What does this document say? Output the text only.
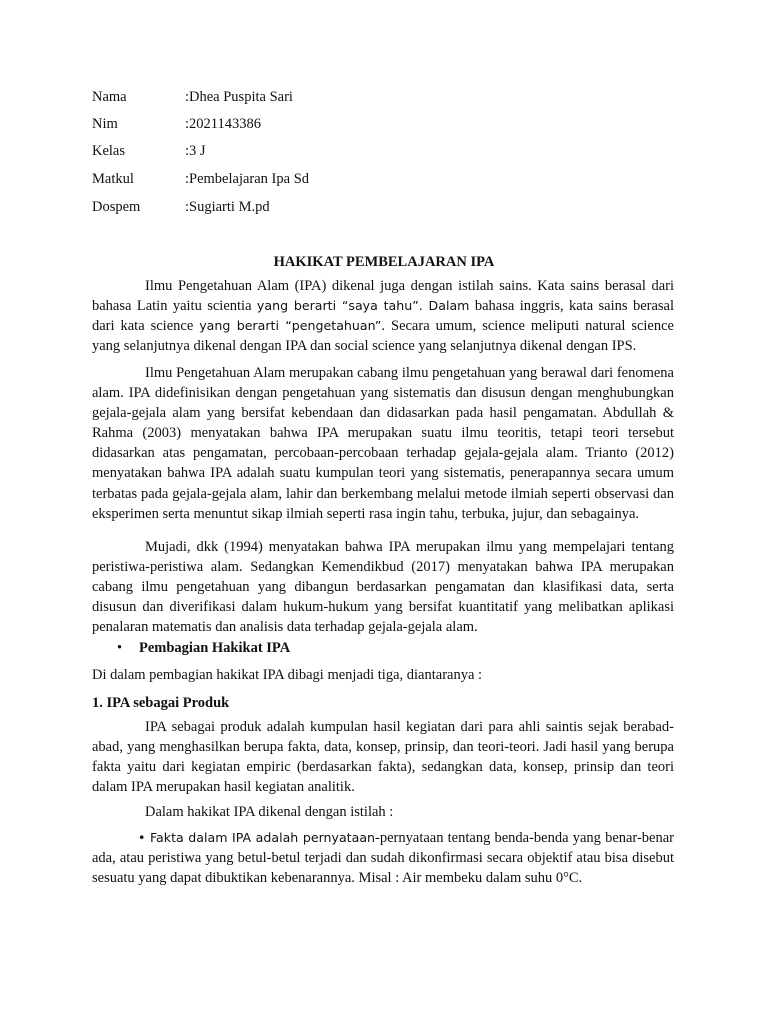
Nama	:Dhea Puspita Sari
Nim	:2021143386
Kelas	:3 J
Matkul	:Pembelajaran Ipa Sd
Dospem	:Sugiarti M.pd
HAKIKAT PEMBELAJARAN IPA

Ilmu Pengetahuan Alam (IPA) dikenal juga dengan istilah sains. Kata sains berasal dari bahasa Latin yaitu scientia yang berarti “saya tahu”. Dalam bahasa inggris, kata sains berasal dari kata science yang berarti “pengetahuan”. Secara umum, science meliputi natural science yang selanjutnya dikenal dengan IPA dan social science yang selanjutnya dikenal dengan IPS.

Ilmu Pengetahuan Alam merupakan cabang ilmu pengetahuan yang berawal dari fenomena alam. IPA didefinisikan dengan pengetahuan yang sistematis dan disusun dengan menghubungkan gejala-gejala alam yang bersifat kebendaan dan didasarkan pada hasil pengamatan. Abdullah & Rahma (2003) menyatakan bahwa IPA merupakan suatu ilmu teoritis, tetapi teori tersebut didasarkan atas pengamatan, percobaan-percobaan terhadap gejala-gejala alam. Trianto (2012) menyatakan bahwa IPA adalah suatu kumpulan teori yang sistematis, penerapannya secara umum terbatas pada gejala-gejala alam, lahir dan berkembang melalui metode ilmiah seperti observasi dan eksperimen serta menuntut sikap ilmiah seperti rasa ingin tahu, terbuka, jujur, dan sebagainya.

Mujadi, dkk (1994) menyatakan bahwa IPA merupakan ilmu yang mempelajari tentang peristiwa-peristiwa alam. Sedangkan Kemendikbud (2017) menyatakan bahwa IPA merupakan cabang ilmu pengetahuan yang dibangun berdasarkan pengamatan dan klasifikasi data, serta disusun dan diverifikasi dalam hukum-hukum yang bersifat kuantitatif yang melibatkan aplikasi penalaran matematis dan analisis data terhadap gejala-gejala alam.

• Pembagian Hakikat IPA
Di dalam pembagian hakikat IPA dibagi menjadi tiga, diantaranya :
1. IPA sebagai Produk

IPA sebagai produk adalah kumpulan hasil kegiatan dari para ahli saintis sejak berabad-abad, yang menghasilkan berupa fakta, data, konsep, prinsip, dan teori-teori. Jadi hasil yang berupa fakta yaitu dari kegiatan empiric (berdasarkan fakta), sedangkan data, konsep, prinsip dan teori dalam IPA merupakan hasil kegiatan analitik.

Dalam hakikat IPA dikenal dengan istilah :

• Fakta dalam IPA adalah pernyataan-pernyataan tentang benda-benda yang benar-benar ada, atau peristiwa yang betul-betul terjadi dan sudah dikonfirmasi secara objektif atau bisa disebut sesuatu yang dapat dibuktikan kebenarannya. Misal : Air membeku dalam suhu 0°C.
